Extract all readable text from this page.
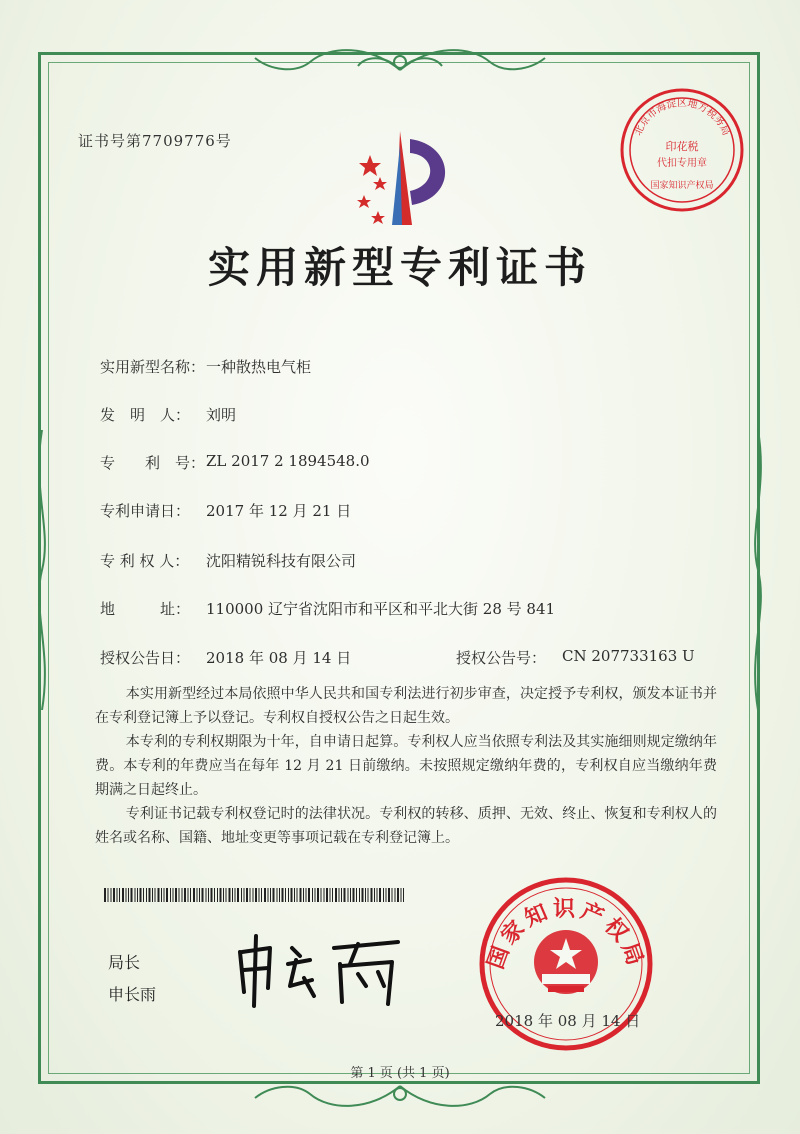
证书号第7709776号
北京市海淀区地方税务局
印花税
代扣专用章
国家知识产权局
实用新型专利证书
实用新型名称： 一种散热电气柜
发　明　人： 刘明
专　　利　号： ZL 2017 2 1894548.0
专利申请日： 2017 年 12 月 21 日
专 利 权 人： 沈阳精锐科技有限公司
地　　　址： 110000 辽宁省沈阳市和平区和平北大街 28 号 841
授权公告日： 2018 年 08 月 14 日	授权公告号： CN 207733163 U
本实用新型经过本局依照中华人民共和国专利法进行初步审查，决定授予专利权，颁发本证书并在专利登记簿上予以登记。专利权自授权公告之日起生效。
本专利的专利权期限为十年，自申请日起算。专利权人应当依照专利法及其实施细则规定缴纳年费。本专利的年费应当在每年 12 月 21 日前缴纳。未按照规定缴纳年费的，专利权自应当缴纳年费期满之日起终止。
专利证书记载专利权登记时的法律状况。专利权的转移、质押、无效、终止、恢复和专利权人的姓名或名称、国籍、地址变更等事项记载在专利登记簿上。
局长
申长雨
国家知识产权局
2018 年 08 月 14 日
第 1 页 (共 1 页)
